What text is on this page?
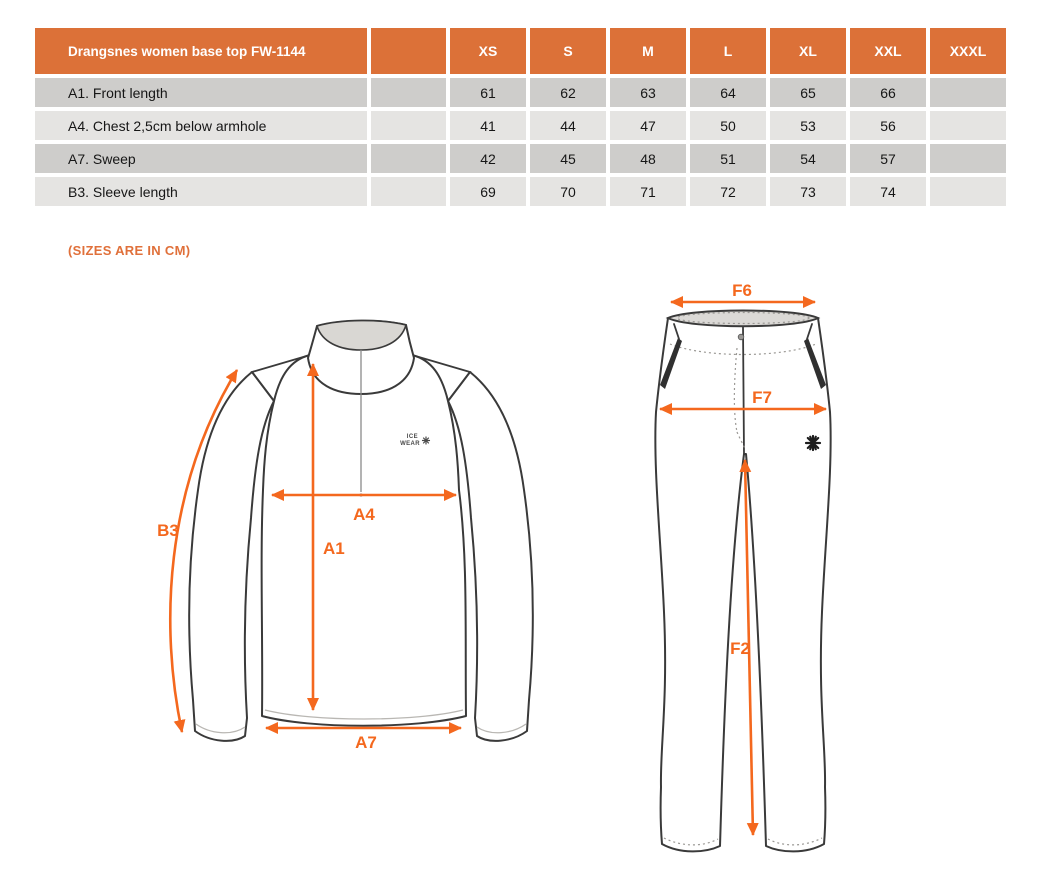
Drangsnes women base top FW-1144		XS	S	M	L	XL	XXL	XXXL
A1. Front length		61	62	63	64	65	66	
A4. Chest 2,5cm below armhole		41	44	47	50	53	56	
A7. Sweep		42	45	48	51	54	57	
B3. Sleeve length		69	70	71	72	73	74	
(SIZES ARE IN CM)
ICE
WEAR
B3
A4
A1
A7
F6
F7
F2
